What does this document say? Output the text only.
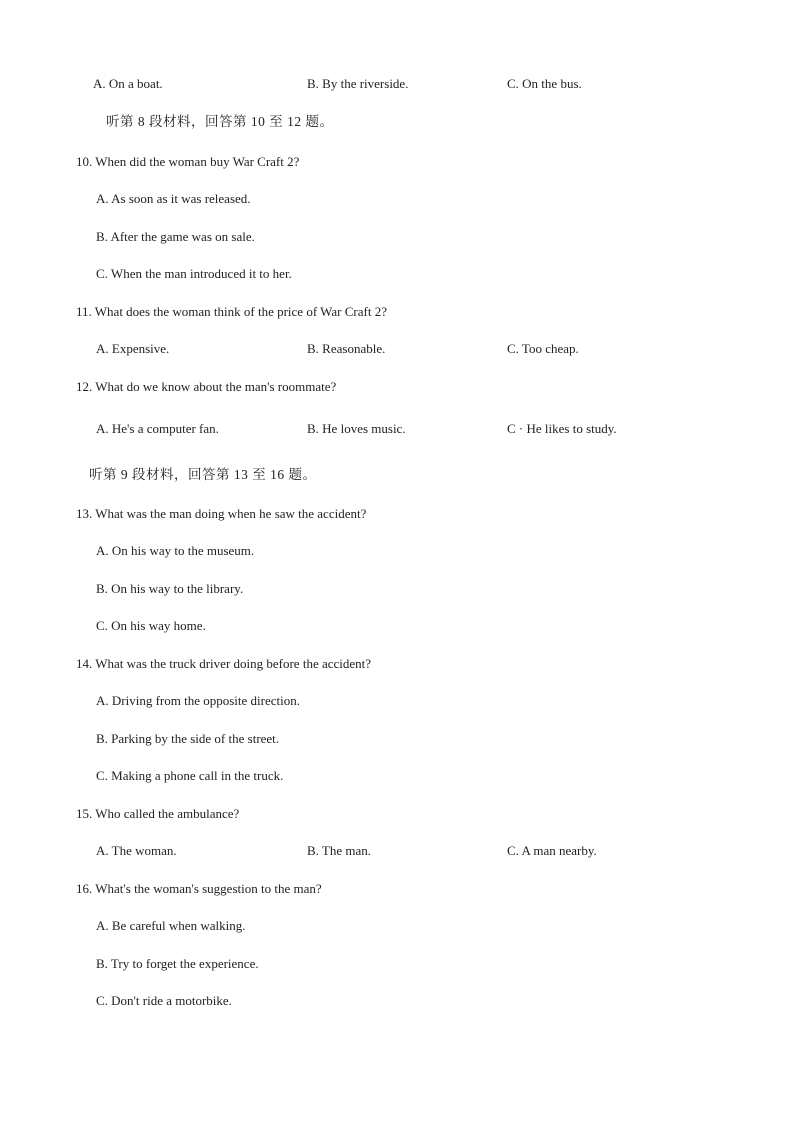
A. On a boat.	B. By the riverside.	C. On the bus.
听第 8 段材料，回答第 10 至 12 题。
10. When did the woman buy War Craft 2?
A. As soon as it was released.
B. After the game was on sale.
C. When the man introduced it to her.
11. What does the woman think of the price of War Craft 2?
A. Expensive.	B. Reasonable.	C. Too cheap.
12. What do we know about the man's roommate?
A. He's a computer fan.	B. He loves music.	C · He likes to study.
听第 9 段材料，回答第 13 至 16 题。
13. What was the man doing when he saw the accident?
A. On his way to the museum.
B. On his way to the library.
C. On his way home.
14. What was the truck driver doing before the accident?
A. Driving from the opposite direction.
B. Parking by the side of the street.
C. Making a phone call in the truck.
15. Who called the ambulance?
A. The woman.	B. The man.	C. A man nearby.
16. What's the woman's suggestion to the man?
A. Be careful when walking.
B. Try to forget the experience.
C. Don't ride a motorbike.
